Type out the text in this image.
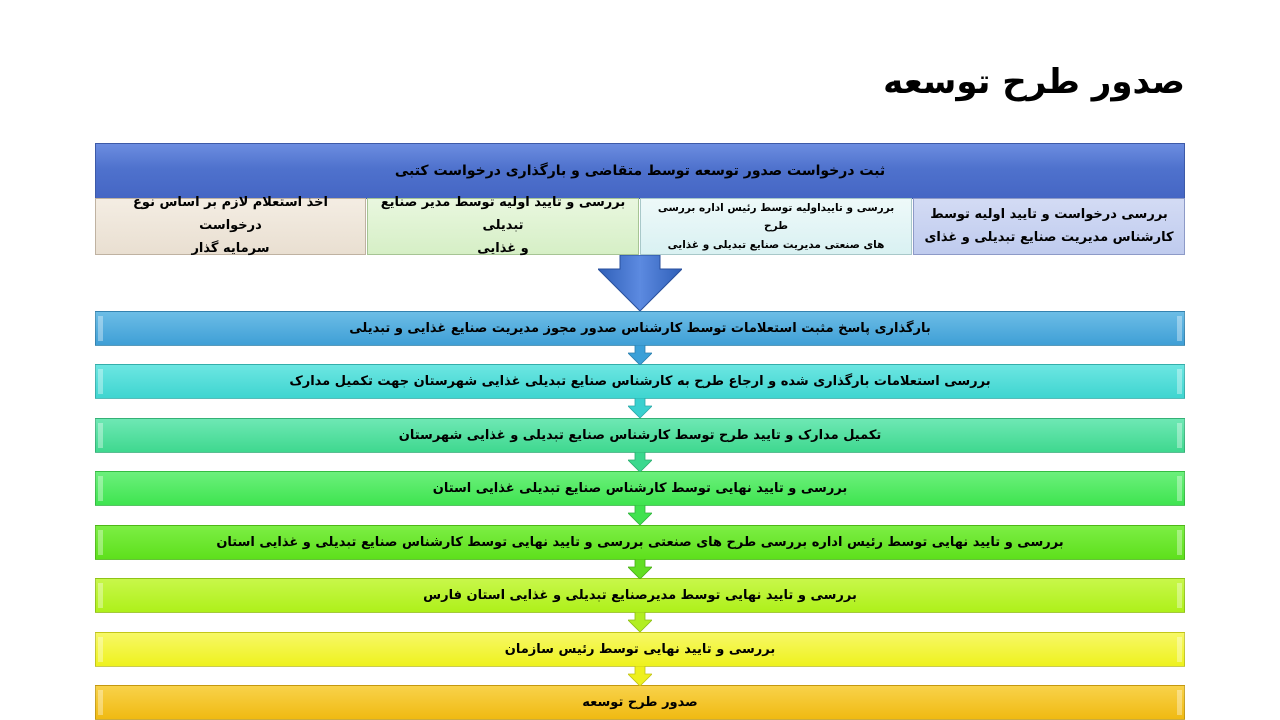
صدور طرح توسعه
ثبت درخواست صدور توسعه توسط متقاضی و بارگذاری درخواست کتبی
بررسی درخواست و تایید اولیه توسط
کارشناس مدیریت صنایع تبدیلی و غذای
بررسی و تاییداولیه توسط رئیس اداره بررسی طرح
های صنعتی مدیریت صنایع تبدیلی و غذایی
بررسی و تایید اولیه توسط مدیر صنایع تبدیلی
و غذایی
اخذ استعلام لازم بر اساس نوع درخواست
سرمایه گذار
بارگذاری پاسخ مثبت استعلامات توسط کارشناس صدور مجوز مدیریت صنایع غذایی و تبدیلی
بررسی استعلامات بارگذاری شده و ارجاع طرح به کارشناس صنایع تبدیلی غذایی شهرستان جهت تکمیل مدارک
تکمیل مدارک و تایید طرح توسط کارشناس صنایع تبدیلی و غذایی شهرستان
بررسی و تایید نهایی توسط کارشناس صنایع تبدیلی غذایی استان
بررسی و تایید نهایی توسط رئیس اداره بررسی طرح های صنعتی بررسی و تایید نهایی توسط کارشناس صنایع تبدیلی و غذایی استان
بررسی و تایید نهایی توسط مدیرصنایع تبدیلی و غذایی استان فارس
بررسی و تایید نهایی توسط رئیس سازمان
صدور طرح توسعه
